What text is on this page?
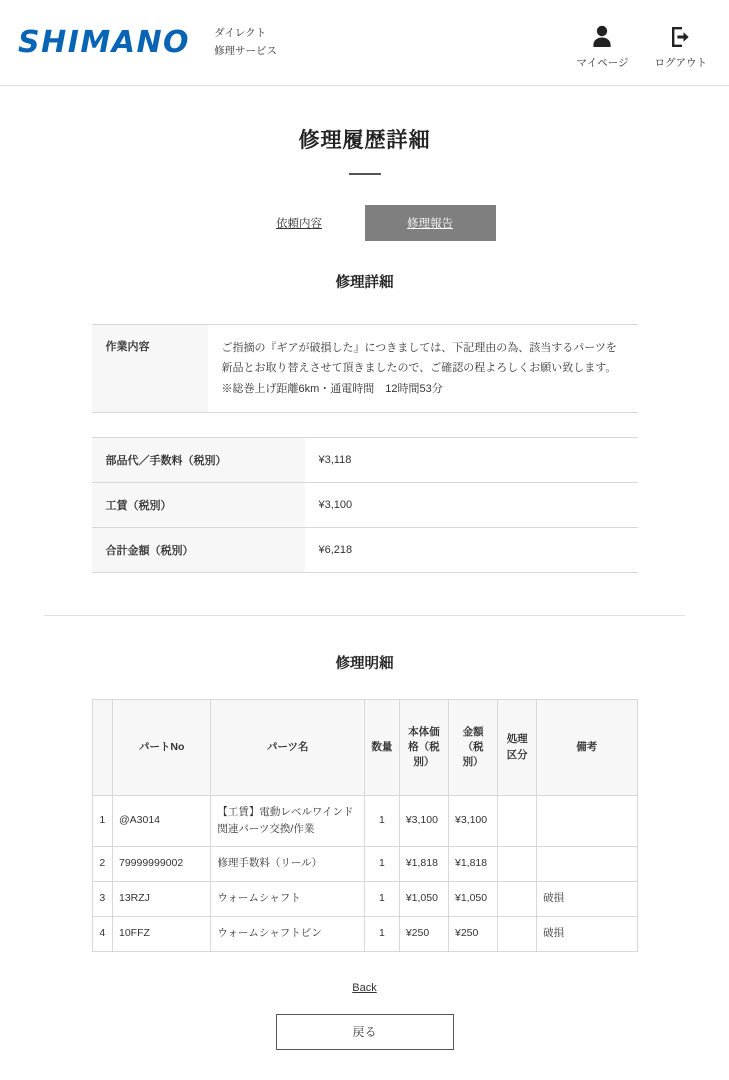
SHIMANO ダイレクト
修理サービス
マイページ ログアウト
修理履歴詳細
依頼内容	修理報告
修理詳細
作業内容	ご指摘の『ギアが破損した』につきましては、下記理由の為、該当するパーツを新品とお取り替えさせて頂きましたので、ご確認の程よろしくお願い致します。　※総巻上げ距離6km・通電時間　12時間53分
部品代／手数料（税別）	¥3,118
工賃（税別）	¥3,100
合計金額（税別）	¥6,218
修理明細
	パートNo	パーツ名	数量	本体価格（税別）	金額（税別）	処理区分	備考
1	@A3014	【工賃】電動レベルワインド関連パーツ交換/作業	1	¥3,100	¥3,100		
2	79999999002	修理手数料（リール）	1	¥1,818	¥1,818		
3	13RZJ	ウォームシャフト	1	¥1,050	¥1,050		破損
4	10FFZ	ウォームシャフトピン	1	¥250	¥250		破損
Back
戻る
